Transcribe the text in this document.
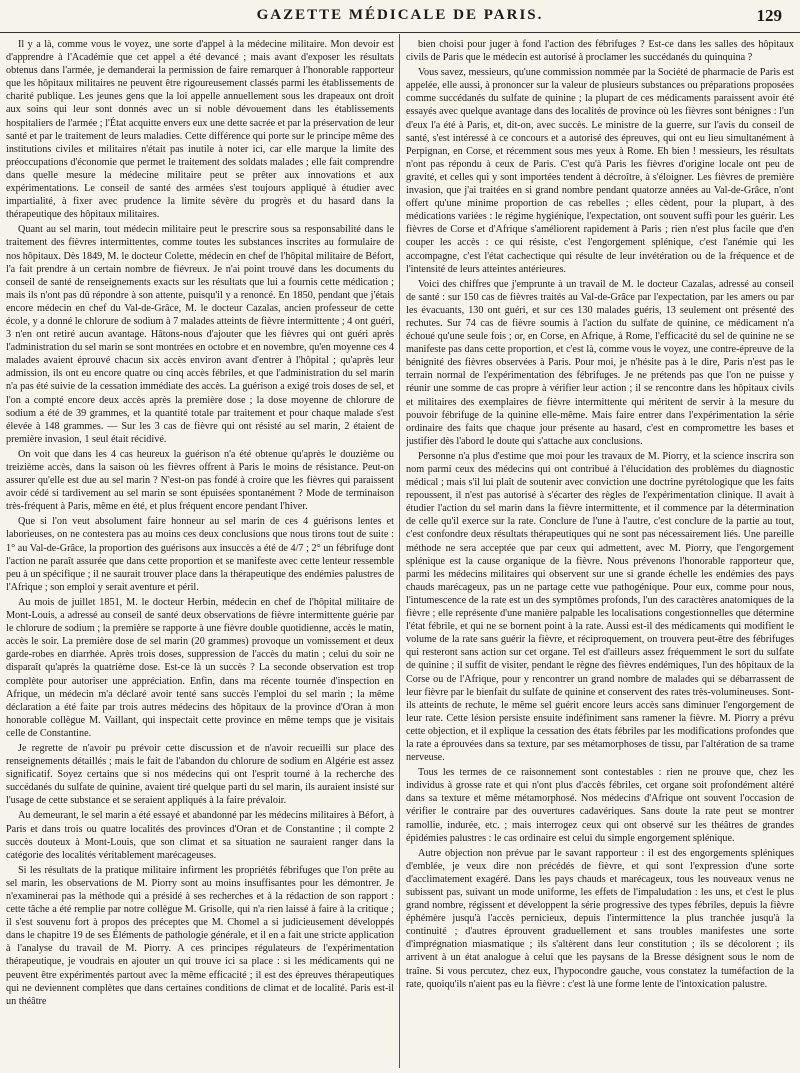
GAZETTE MÉDICALE DE PARIS.	129

Il y a là, comme vous le voyez, une sorte d'appel à la médecine militaire. Mon devoir est d'apprendre à l'Académie que cet appel a été devancé ; mais avant d'exposer les résultats obtenus dans l'armée, je demanderai la permission de faire remarquer à l'honorable rapporteur que les hôpitaux militaires ne peuvent être rigoureusement classés parmi les établissements de charité publique. Les jeunes gens que la loi appelle annuellement sous les drapeaux ont droit aux soins qui leur sont donnés avec un si noble dévouement dans les établissements hospitaliers de l'armée ; l'État acquitte envers eux une dette sacrée et par la préservation de leur santé et par le traitement de leurs maladies. Cette différence qui porte sur le principe même des institutions civiles et militaires n'était pas inutile à noter ici, car elle marque la limite des préoccupations d'économie que permet le traitement des soldats malades ; elle fait comprendre dans quelle mesure la médecine militaire peut se prêter aux innovations et aux expérimentations. Le conseil de santé des armées s'est toujours appliqué à étudier avec impartialité, à fixer avec prudence la limite sévère du progrès et du hasard dans la thérapeutique des hôpitaux militaires.

Quant au sel marin, tout médecin militaire peut le prescrire sous sa responsabilité dans le traitement des fièvres intermittentes, comme toutes les substances inscrites au formulaire de nos hôpitaux. Dès 1849, M. le docteur Colette, médecin en chef de l'hôpital militaire de Béfort, l'a fait prendre à un certain nombre de fiévreux. Je n'ai point trouvé dans les documents du conseil de santé de renseignements exacts sur les résultats que lui a fournis cette médication ; mais ils n'ont pas dû répondre à son attente, puisqu'il y a renoncé. En 1850, pendant que j'étais encore médecin en chef du Val-de-Grâce, M. le docteur Cazalas, ancien professeur de cette école, y a donné le chlorure de sodium à 7 malades atteints de fièvre intermittente ; 4 ont guéri, 3 n'en ont retiré aucun avantage. Hâtons-nous d'ajouter que les fièvres qui ont guéri après l'administration du sel marin se sont montrées en octobre et en novembre, qu'en moyenne ces 4 malades avaient éprouvé chacun six accès environ avant d'entrer à l'hôpital ; qu'après leur admission, ils ont eu encore quatre ou cinq accès fébriles, et que l'administration du sel marin n'a pas été suivie de la cessation immédiate des accès. La guérison a exigé trois doses de sel, et l'on a compté encore deux accès après la première dose ; la dose moyenne de chlorure de sodium a été de 39 grammes, et la quantité totale par traitement et pour chaque malade s'est élevée à 148 grammes. — Sur les 3 cas de fièvre qui ont résisté au sel marin, 2 étaient de première invasion, 1 seul était récidivé.

On voit que dans les 4 cas heureux la guérison n'a été obtenue qu'après le douzième ou treizième accès, dans la saison où les fièvres offrent à Paris le moins de résistance. Peut-on assurer qu'elle est due au sel marin ? N'est-on pas fondé à croire que les fièvres qui paraissent avoir cédé si tardivement au sel marin se sont épuisées spontanément ? Mode de terminaison très-fréquent à Paris, même en été, et plus fréquent encore pendant l'hiver.

Que si l'on veut absolument faire honneur au sel marin de ces 4 guérisons lentes et laborieuses, on ne contestera pas au moins ces deux conclusions que nous tirons tout de suite : 1° au Val-de-Grâce, la proportion des guérisons aux insuccès a été de 4/7 ; 2° un fébrifuge dont l'action ne paraît assurée que dans cette proportion et se manifeste avec cette lenteur ressemble peu à un spécifique ; il ne saurait trouver place dans la thérapeutique des endémies palustres de l'Afrique ; son emploi y serait aventure et péril.

Au mois de juillet 1851, M. le docteur Herbin, médecin en chef de l'hôpital militaire de Mont-Louis, a adressé au conseil de santé deux observations de fièvre intermittente guérie par le chlorure de sodium ; la première se rapporte à une fièvre double quotidienne, accès le matin, accès le soir. La première dose de sel marin (20 grammes) provoque un vomissement et deux garde-robes en diarrhée. Après trois doses, suppression de l'accès du matin ; celui du soir ne disparaît qu'après la quatrième dose. Est-ce là un succès ? La seconde observation est trop complète pour autoriser une appréciation. Enfin, dans ma récente tournée d'inspection en Afrique, un médecin m'a déclaré avoir tenté sans succès l'emploi du sel marin ; la même déclaration a été faite par trois autres médecins des hôpitaux de la province d'Oran à mon honorable collègue M. Vaillant, qui inspectait cette province en même temps que je visitais celle de Constantine.

Je regrette de n'avoir pu prévoir cette discussion et de n'avoir recueilli sur place des renseignements détaillés ; mais le fait de l'abandon du chlorure de sodium en Algérie est assez significatif. Soyez certains que si nos médecins qui ont l'esprit tourné à la recherche des succédanés du sulfate de quinine, avaient tiré quelque parti du sel marin, ils auraient insisté sur l'usage de cette substance et se seraient appliqués à la faire prévaloir.

Au demeurant, le sel marin a été essayé et abandonné par les médecins militaires à Béfort, à Paris et dans trois ou quatre localités des provinces d'Oran et de Constantine ; il compte 2 succès douteux à Mont-Louis, que son climat et sa situation ne sauraient ranger dans la catégorie des localités véritablement marécageuses.

Si les résultats de la pratique militaire infirment les propriétés fébrifuges que l'on prête au sel marin, les observations de M. Piorry sont au moins insuffisantes pour les démontrer. Je n'examinerai pas la méthode qui a présidé à ses recherches et à la rédaction de son rapport : cette tâche a été remplie par notre collègue M. Grisolle, qui n'a rien laissé à faire à la critique ; il s'est souvenu fort à propos des préceptes que M. Chomel a si judicieusement développés dans le chapitre 19 de ses Éléments de pathologie générale, et il en a fait une stricte application à l'analyse du travail de M. Piorry. A ces principes régulateurs de l'expérimentation thérapeutique, je voudrais en ajouter un qui trouve ici sa place : si les médicaments qui ne peuvent être expérimentés partout avec la même efficacité ; il est des épreuves thérapeutiques qui ne deviennent complètes que dans certaines conditions de climat et de localité. Paris est-il un théâtre

bien choisi pour juger à fond l'action des fébrifuges ? Est-ce dans les salles des hôpitaux civils de Paris que le médecin est autorisé à proclamer les succédanés du quinquina ?

Vous savez, messieurs, qu'une commission nommée par la Société de pharmacie de Paris est appelée, elle aussi, à prononcer sur la valeur de plusieurs substances ou préparations proposées comme succédanés du sulfate de quinine ; la plupart de ces médicaments paraissent avoir été essayés avec quelque avantage dans des localités de province où les fièvres sont bénignes : l'un d'eux l'a été à Paris, et, dit-on, avec succès. Le ministre de la guerre, sur l'avis du conseil de santé, s'est intéressé à ce concours et a autorisé des épreuves, qui ont eu lieu simultanément à Perpignan, en Corse, et récemment sous mes yeux à Rome. Eh bien ! messieurs, les résultats n'ont pas répondu à ceux de Paris. C'est qu'à Paris les fièvres d'origine locale ont peu de gravité, et celles qui y sont importées tendent à décroître, à s'éloigner. Les fièvres de première invasion, que j'ai traitées en si grand nombre pendant quatorze années au Val-de-Grâce, n'ont offert qu'une minime proportion de cas rebelles ; elles cèdent, pour la plupart, à des médications variées : le régime hygiénique, l'expectation, ont souvent suffi pour les guérir. Les fièvres de Corse et d'Afrique s'améliorent rapidement à Paris ; rien n'est plus facile que d'en couper les accès : ce qui résiste, c'est l'engorgement splénique, c'est l'anémie qui les accompagne, c'est l'état cachectique qui résulte de leur invétération ou de la fréquence et de l'intensité de leurs atteintes antérieures.

Voici des chiffres que j'emprunte à un travail de M. le docteur Cazalas, adressé au conseil de santé : sur 150 cas de fièvres traités au Val-de-Grâce par l'expectation, par les amers ou par les évacuants, 130 ont guéri, et sur ces 130 malades guéris, 13 seulement ont présenté des rechutes. Sur 74 cas de fièvre soumis à l'action du sulfate de quinine, ce médicament n'a échoué qu'une seule fois ; or, en Corse, en Afrique, à Rome, l'efficacité du sel de quinine ne se manifeste pas dans cette proportion, et c'est là, comme vous le voyez, une contre-épreuve de la bénignité des fièvres observées à Paris. Pour moi, je n'hésite pas à le dire, Paris n'est pas le terrain normal de l'expérimentation des fébrifuges. Je ne prétends pas que l'on ne puisse y réunir une somme de cas propre à vérifier leur action ; il se rencontre dans les hôpitaux civils et militaires des exemplaires de fièvre intermittente qui méritent de servir à la mesure du pouvoir fébrifuge de la quinine elle-même. Mais faire entrer dans l'expérimentation la série ordinaire des faits que chaque jour présente au hasard, c'est en compromettre les bases et justifier dès l'abord le doute qui s'attache aux conclusions.

Personne n'a plus d'estime que moi pour les travaux de M. Piorry, et la science inscrira son nom parmi ceux des médecins qui ont contribué à l'élucidation des problèmes du diagnostic médical ; mais s'il lui plaît de soutenir avec conviction une doctrine pyrétologique que les faits repoussent, il n'est pas autorisé à s'écarter des règles de l'expérimentation clinique. Il avait à étudier l'action du sel marin dans la fièvre intermittente, et il commence par la détermination de celle qu'il exerce sur la rate. Conclure de l'une à l'autre, c'est conclure de la partie au tout, c'est confondre deux résultats thérapeutiques qui ne sont pas nécessairement liés. Une pareille méthode ne sera acceptée que par ceux qui admettent, avec M. Piorry, que l'engorgement splénique est la cause organique de la fièvre. Nous prévenons l'honorable rapporteur que, parmi les médecins militaires qui observent sur une si grande échelle les endémies des pays chauds marécageux, pas un ne partage cette vue pathogénique. Pour eux, comme pour nous, l'intumescence de la rate est un des symptômes profonds, l'un des caractères anatomiques de la fièvre ; elle représente d'une manière palpable les localisations congestionnelles que détermine l'état fébrile, et qui ne se bornent point à la rate. Aussi est-il des médicaments qui modifient le volume de la rate sans guérir la fièvre, et réciproquement, on trouvera peut-être des fébrifuges qui resteront sans action sur cet organe. Tel est d'ailleurs assez fréquemment le sort du sulfate de quinine ; il suffit de visiter, pendant le règne des fièvres endémiques, l'un des hôpitaux de la Corse ou de l'Afrique, pour y rencontrer un grand nombre de malades qui se débarrassent de leur fièvre par le bienfait du sulfate de quinine et conservent des rates très-volumineuses. Sont-ils atteints de rechute, le même sel guérit encore leurs accès sans diminuer l'engorgement de leur rate. Cette lésion persiste ensuite indéfiniment sans ramener la fièvre. M. Piorry a prévu cette objection, et il explique la cessation des états fébriles par les modifications profondes que la rate a éprouvées dans sa texture, par ses métamorphoses de tissu, par l'altération de sa trame nerveuse.

Tous les termes de ce raisonnement sont contestables : rien ne prouve que, chez les individus à grosse rate et qui n'ont plus d'accès fébriles, cet organe soit profondément altéré dans sa texture et même métamorphosé. Nos médecins d'Afrique ont souvent l'occasion de vérifier le contraire par des ouvertures cadavériques. Sans doute la rate peut se montrer ramollie, indurée, etc. ; mais interrogez ceux qui ont observé sur les théâtres de grandes épidémies palustres : le cas ordinaire est celui du simple engorgement splénique.

Autre objection non prévue par le savant rapporteur : il est des engorgements spléniques d'emblée, je veux dire non précédés de fièvre, et qui sont l'expression d'une sorte d'acclimatement exagéré. Dans les pays chauds et marécageux, tous les nouveaux venus ne subissent pas, suivant un mode uniforme, les effets de l'impaludation : les uns, et c'est le plus grand nombre, régissent et développent la série progressive des types fébriles, depuis la fièvre éphémère jusqu'à l'accès pernicieux, depuis l'intermittence la plus tranchée jusqu'à la continuité ; d'autres éprouvent graduellement et sans troubles manifestes une sorte d'imprégnation miasmatique ; ils s'altèrent dans leur constitution ; ils se décolorent ; ils arrivent à un état analogue à celui que les paysans de la Bresse désignent sous le nom de traîne. Si vous percutez, chez eux, l'hypocondre gauche, vous constatez la tuméfaction de la rate, quoiqu'ils n'aient pas eu la fièvre : c'est là une forme lente de l'intoxication palustre.
